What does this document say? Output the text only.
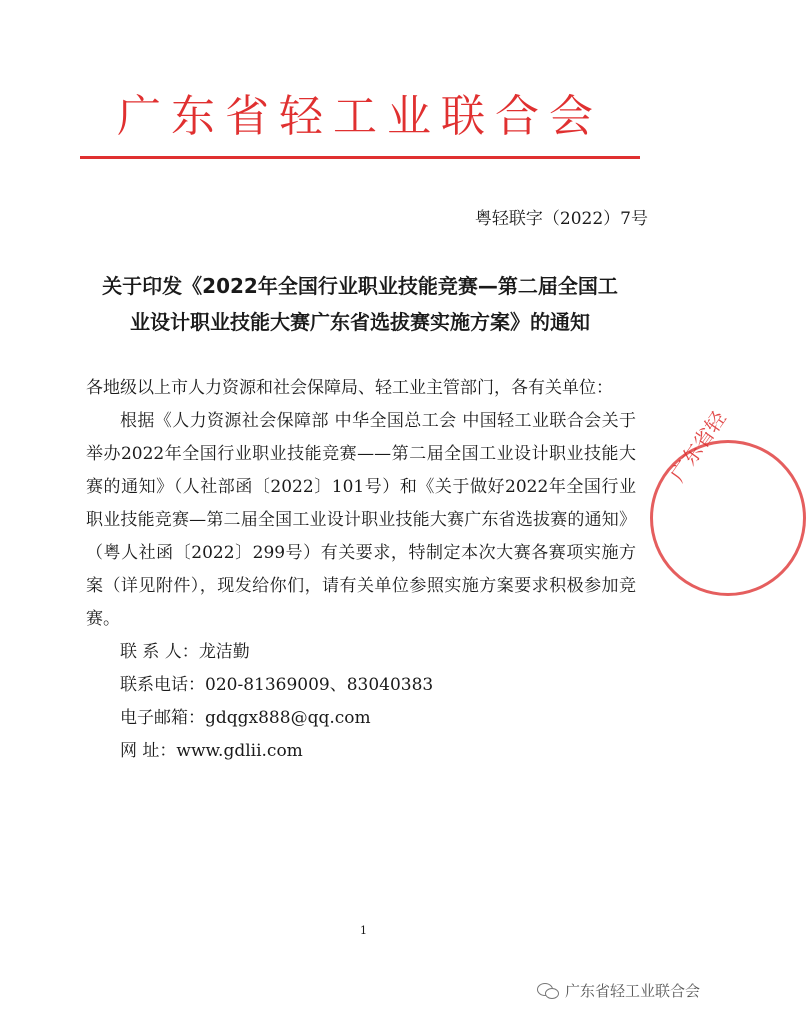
广东省轻工业联合会
粤轻联字（2022）7号
关于印发《2022年全国行业职业技能竞赛—第二届全国工
业设计职业技能大赛广东省选拔赛实施方案》的通知

各地级以上市人力资源和社会保障局、轻工业主管部门，各有关单位：

根据《人力资源社会保障部 中华全国总工会 中国轻工业联合会关于举办2022年全国行业职业技能竞赛——第二届全国工业设计职业技能大赛的通知》（人社部函〔2022〕101号）和《关于做好2022年全国行业职业技能竞赛—第二届全国工业设计职业技能大赛广东省选拔赛的通知》（粤人社函〔2022〕299号）有关要求，特制定本次大赛各赛项实施方案（详见附件），现发给你们，请有关单位参照实施方案要求积极参加竞赛。

联 系 人：龙洁勤
联系电话：020-81369009、83040383
电子邮箱：gdqgx888@qq.com
网 址：www.gdlii.com
广东省轻
1
广东省轻工业联合会
